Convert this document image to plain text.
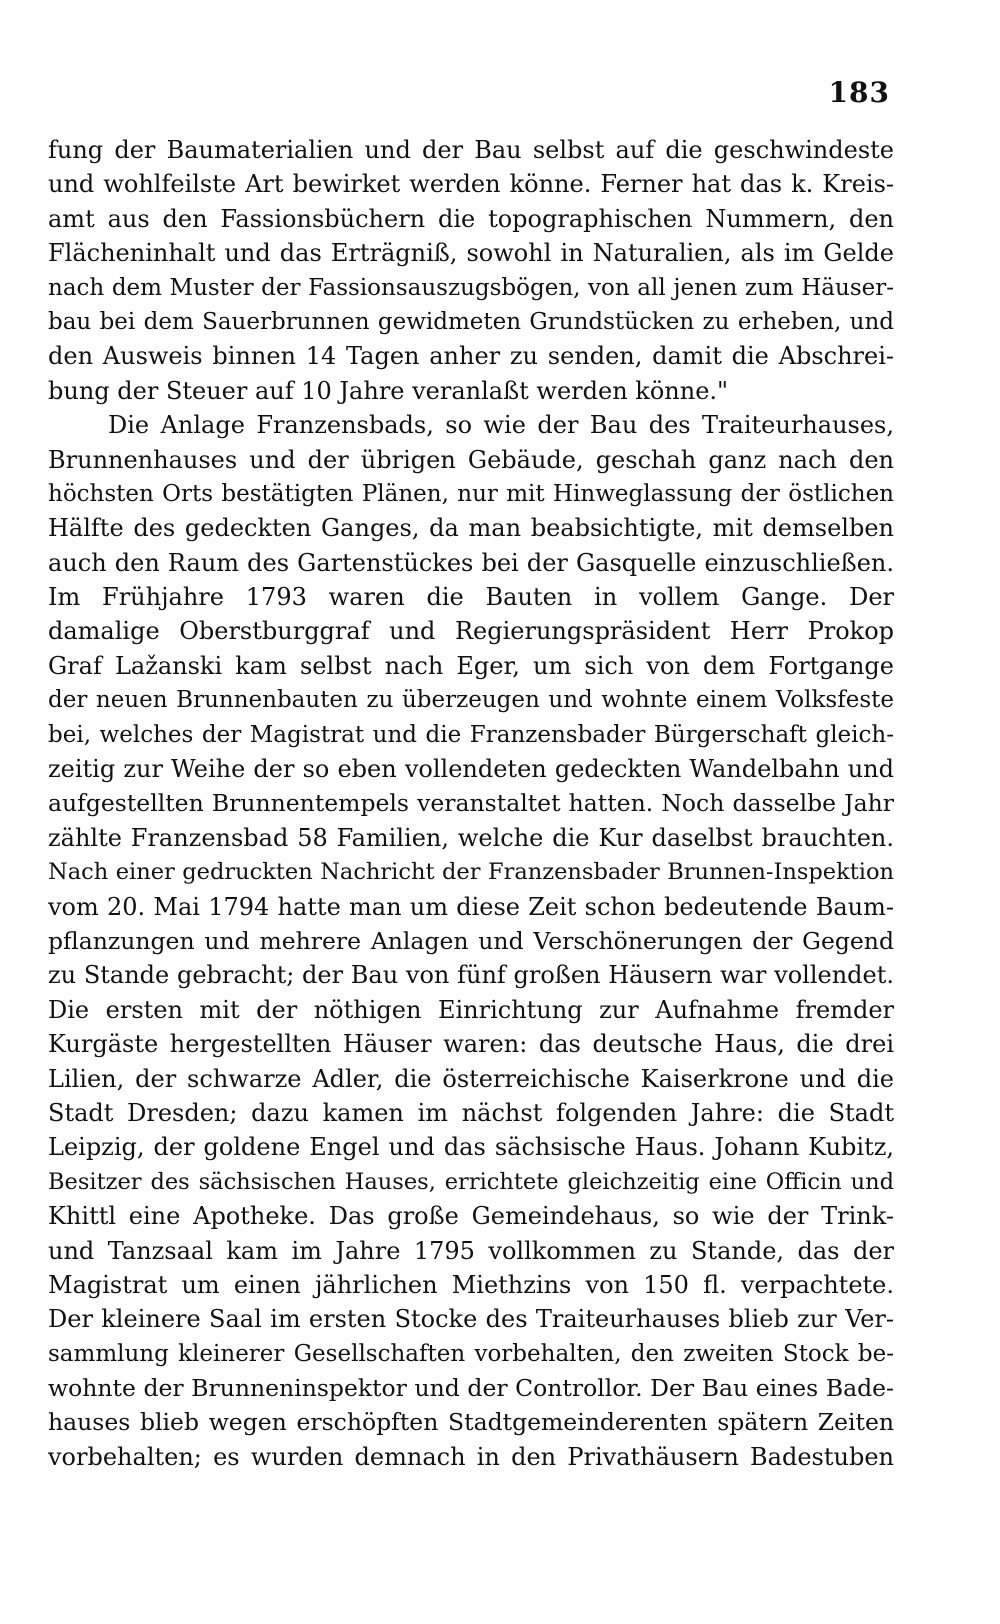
183
fung der Baumaterialien und der Bau selbst auf die geschwindeste
und wohlfeilste Art bewirket werden könne. Ferner hat das k. Kreis-
amt aus den Fassionsbüchern die topographischen Nummern, den
Flächeninhalt und das Erträgniß, sowohl in Naturalien, als im Gelde
nach dem Muster der Fassionsauszugsbögen, von all jenen zum Häuser-
bau bei dem Sauerbrunnen gewidmeten Grundstücken zu erheben, und
den Ausweis binnen 14 Tagen anher zu senden, damit die Abschrei-
bung der Steuer auf 10 Jahre veranlaßt werden könne."
Die Anlage Franzensbads, so wie der Bau des Traiteurhauses,
Brunnenhauses und der übrigen Gebäude, geschah ganz nach den
höchsten Orts bestätigten Plänen, nur mit Hinweglassung der östlichen
Hälfte des gedeckten Ganges, da man beabsichtigte, mit demselben
auch den Raum des Gartenstückes bei der Gasquelle einzuschließen.
Im Frühjahre 1793 waren die Bauten in vollem Gange. Der
damalige Oberstburggraf und Regierungspräsident Herr Prokop
Graf Lažanski kam selbst nach Eger, um sich von dem Fortgange
der neuen Brunnenbauten zu überzeugen und wohnte einem Volksfeste
bei, welches der Magistrat und die Franzensbader Bürgerschaft gleich-
zeitig zur Weihe der so eben vollendeten gedeckten Wandelbahn und
aufgestellten Brunnentempels veranstaltet hatten. Noch dasselbe Jahr
zählte Franzensbad 58 Familien, welche die Kur daselbst brauchten.
Nach einer gedruckten Nachricht der Franzensbader Brunnen-Inspektion
vom 20. Mai 1794 hatte man um diese Zeit schon bedeutende Baum-
pflanzungen und mehrere Anlagen und Verschönerungen der Gegend
zu Stande gebracht; der Bau von fünf großen Häusern war vollendet.
Die ersten mit der nöthigen Einrichtung zur Aufnahme fremder
Kurgäste hergestellten Häuser waren: das deutsche Haus, die drei
Lilien, der schwarze Adler, die österreichische Kaiserkrone und die
Stadt Dresden; dazu kamen im nächst folgenden Jahre: die Stadt
Leipzig, der goldene Engel und das sächsische Haus. Johann Kubitz,
Besitzer des sächsischen Hauses, errichtete gleichzeitig eine Officin und
Khittl eine Apotheke. Das große Gemeindehaus, so wie der Trink-
und Tanzsaal kam im Jahre 1795 vollkommen zu Stande, das der
Magistrat um einen jährlichen Miethzins von 150 fl. verpachtete.
Der kleinere Saal im ersten Stocke des Traiteurhauses blieb zur Ver-
sammlung kleinerer Gesellschaften vorbehalten, den zweiten Stock be-
wohnte der Brunneninspektor und der Controllor. Der Bau eines Bade-
hauses blieb wegen erschöpften Stadtgemeinderenten spätern Zeiten
vorbehalten; es wurden demnach in den Privathäusern Badestuben
